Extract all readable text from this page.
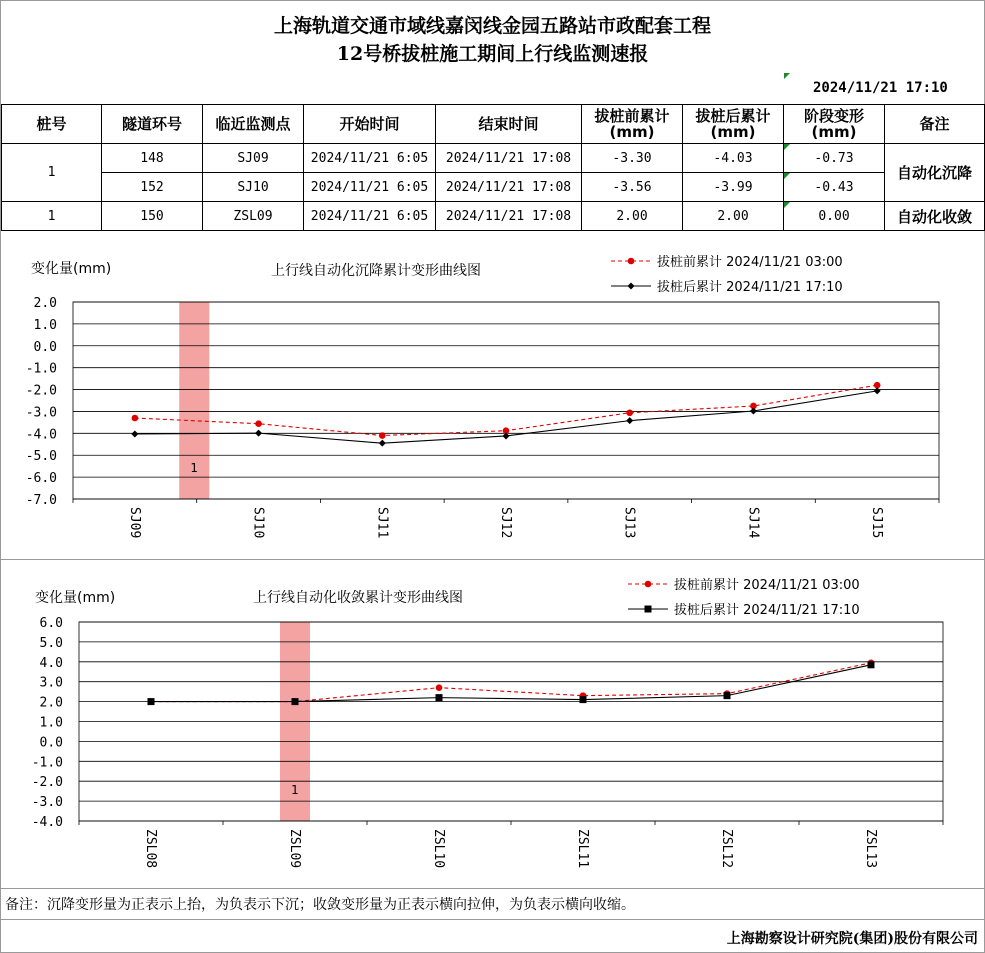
上海轨道交通市域线嘉闵线金园五路站市政配套工程
12号桥拔桩施工期间上行线监测速报
2024/11/21 17:10
桩号	隧道环号	临近监测点	开始时间	结束时间	拔桩前累计(mm)	拔桩后累计(mm)	阶段变形(mm)	备注
1	148	SJ09	2024/11/21 6:05	2024/11/21 17:08	-3.30	-4.03	-0.73	自动化沉降
	152	SJ10	2024/11/21 6:05	2024/11/21 17:08	-3.56	-3.99	-0.43	
1	150	ZSL09	2024/11/21 6:05	2024/11/21 17:08	2.00	2.00	0.00	自动化收敛
变化量(mm)	上行线自动化沉降累计变形曲线图
2.0
1.0
0.0
-1.0
-2.0
-3.0
-4.0
-5.0
-6.0
-7.0
SJ09	SJ10	SJ11	SJ12	SJ13	SJ14	SJ15
1
拔桩前累计 2024/11/21 03:00
拔桩后累计 2024/11/21 17:10
变化量(mm)	上行线自动化收敛累计变形曲线图
6.0
5.0
4.0
3.0
2.0
1.0
0.0
-1.0
-2.0
-3.0
-4.0
ZSL08	ZSL09	ZSL10	ZSL11	ZSL12	ZSL13
1
拔桩前累计 2024/11/21 03:00
拔桩后累计 2024/11/21 17:10
备注：沉降变形量为正表示上抬，为负表示下沉；收敛变形量为正表示横向拉伸，为负表示横向收缩。
上海勘察设计研究院(集团)股份有限公司
